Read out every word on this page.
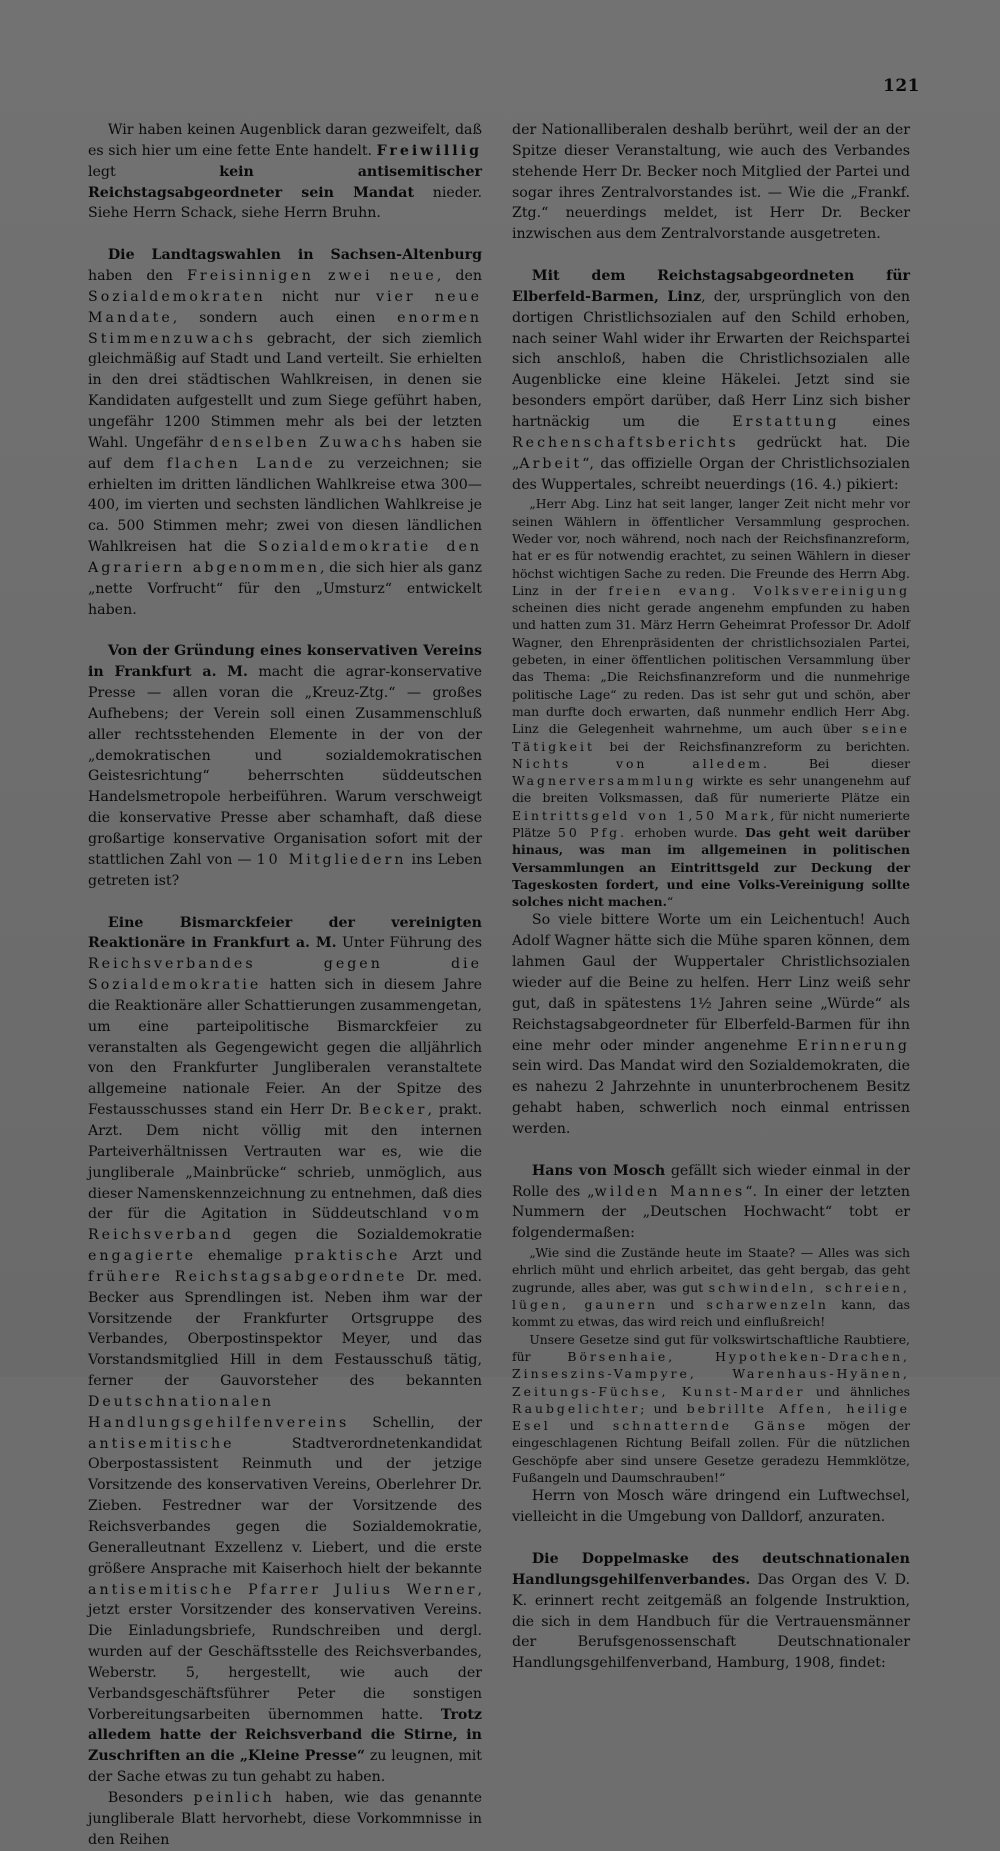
121

Wir haben keinen Augenblick daran gezweifelt, daß es sich hier um eine fette Ente handelt. Freiwillig legt kein antisemitischer Reichstagsabgeordneter sein Mandat nieder. Siehe Herrn Schack, siehe Herrn Bruhn.

Die Landtagswahlen in Sachsen-Altenburg haben den Freisinnigen zwei neue, den Sozialdemokraten nicht nur vier neue Mandate, sondern auch einen enormen Stimmenzuwachs gebracht, der sich ziemlich gleichmäßig auf Stadt und Land verteilt. Sie erhielten in den drei städtischen Wahlkreisen, in denen sie Kandidaten aufgestellt und zum Siege geführt haben, ungefähr 1200 Stimmen mehr als bei der letzten Wahl. Ungefähr denselben Zuwachs haben sie auf dem flachen Lande zu verzeichnen; sie erhielten im dritten ländlichen Wahlkreise etwa 300—400, im vierten und sechsten ländlichen Wahlkreise je ca. 500 Stimmen mehr; zwei von diesen ländlichen Wahlkreisen hat die Sozialdemokratie den Agrariern abgenommen, die sich hier als ganz „nette Vorfrucht“ für den „Umsturz“ entwickelt haben.

Von der Gründung eines konservativen Vereins in Frankfurt a. M. macht die agrar-konservative Presse — allen voran die „Kreuz-Ztg.“ — großes Aufhebens; der Verein soll einen Zusammenschluß aller rechtsstehenden Elemente in der von der „demokratischen und sozialdemokratischen Geistesrichtung“ beherrschten süddeutschen Handelsmetropole herbeiführen. Warum verschweigt die konservative Presse aber schamhaft, daß diese großartige konservative Organisation sofort mit der stattlichen Zahl von — 10 Mitgliedern ins Leben getreten ist?

Eine Bismarckfeier der vereinigten Reaktionäre in Frankfurt a. M. Unter Führung des Reichsverbandes gegen die Sozialdemokratie hatten sich in diesem Jahre die Reaktionäre aller Schattierungen zusammengetan, um eine parteipolitische Bismarckfeier zu veranstalten als Gegengewicht gegen die alljährlich von den Frankfurter Jungliberalen veranstaltete allgemeine nationale Feier. An der Spitze des Festausschusses stand ein Herr Dr. Becker, prakt. Arzt. Dem nicht völlig mit den internen Parteiverhältnissen Vertrauten war es, wie die jungliberale „Mainbrücke“ schrieb, unmöglich, aus dieser Namenskennzeichnung zu entnehmen, daß dies der für die Agitation in Süddeutschland vom Reichsverband gegen die Sozialdemokratie engagierte ehemalige praktische Arzt und frühere Reichstagsabgeordnete Dr. med. Becker aus Sprendlingen ist. Neben ihm war der Vorsitzende der Frankfurter Ortsgruppe des Verbandes, Oberpostinspektor Meyer, und das Vorstandsmitglied Hill in dem Festausschuß tätig, ferner der Gauvorsteher des bekannten Deutschnationalen Handlungsgehilfenvereins Schellin, der antisemitische Stadtverordnetenkandidat Oberpostassistent Reinmuth und der jetzige Vorsitzende des konservativen Vereins, Oberlehrer Dr. Zieben. Festredner war der Vorsitzende des Reichsverbandes gegen die Sozialdemokratie, Generalleutnant Exzellenz v. Liebert, und die erste größere Ansprache mit Kaiserhoch hielt der bekannte antisemitische Pfarrer Julius Werner, jetzt erster Vorsitzender des konservativen Vereins. Die Einladungsbriefe, Rundschreiben und dergl. wurden auf der Geschäftsstelle des Reichsverbandes, Weberstr. 5, hergestellt, wie auch der Verbandsgeschäftsführer Peter die sonstigen Vorbereitungsarbeiten übernommen hatte. Trotz alledem hatte der Reichsverband die Stirne, in Zuschriften an die „Kleine Presse“ zu leugnen, mit der Sache etwas zu tun gehabt zu haben.

Besonders peinlich haben, wie das genannte jungliberale Blatt hervorhebt, diese Vorkommnisse in den Reihen

der Nationalliberalen deshalb berührt, weil der an der Spitze dieser Veranstaltung, wie auch des Verbandes stehende Herr Dr. Becker noch Mitglied der Partei und sogar ihres Zentralvorstandes ist. — Wie die „Frankf. Ztg.“ neuerdings meldet, ist Herr Dr. Becker inzwischen aus dem Zentralvorstande ausgetreten.

Mit dem Reichstagsabgeordneten für Elberfeld-Barmen, Linz, der, ursprünglich von den dortigen Christlichsozialen auf den Schild erhoben, nach seiner Wahl wider ihr Erwarten der Reichspartei sich anschloß, haben die Christlichsozialen alle Augenblicke eine kleine Häkelei. Jetzt sind sie besonders empört darüber, daß Herr Linz sich bisher hartnäckig um die Erstattung eines Rechenschaftsberichts gedrückt hat. Die „Arbeit“, das offizielle Organ der Christlichsozialen des Wuppertales, schreibt neuerdings (16. 4.) pikiert:

„Herr Abg. Linz hat seit langer, langer Zeit nicht mehr vor seinen Wählern in öffentlicher Versammlung gesprochen. Weder vor, noch während, noch nach der Reichsfinanzreform, hat er es für notwendig erachtet, zu seinen Wählern in dieser höchst wichtigen Sache zu reden. Die Freunde des Herrn Abg. Linz in der freien evang. Volksvereinigung scheinen dies nicht gerade angenehm empfunden zu haben und hatten zum 31. März Herrn Geheimrat Professor Dr. Adolf Wagner, den Ehrenpräsidenten der christlichsozialen Partei, gebeten, in einer öffentlichen politischen Versammlung über das Thema: „Die Reichsfinanzreform und die nunmehrige politische Lage“ zu reden. Das ist sehr gut und schön, aber man durfte doch erwarten, daß nunmehr endlich Herr Abg. Linz die Gelegenheit wahrnehme, um auch über seine Tätigkeit bei der Reichsfinanzreform zu berichten. Nichts von alledem. Bei dieser Wagnerversammlung wirkte es sehr unangenehm auf die breiten Volksmassen, daß für numerierte Plätze ein Eintrittsgeld von 1,50 Mark, für nicht numerierte Plätze 50 Pfg. erhoben wurde. Das geht weit darüber hinaus, was man im allgemeinen in politischen Versammlungen an Eintrittsgeld zur Deckung der Tageskosten fordert, und eine Volks-Vereinigung sollte solches nicht machen.“

So viele bittere Worte um ein Leichentuch! Auch Adolf Wagner hätte sich die Mühe sparen können, dem lahmen Gaul der Wuppertaler Christlichsozialen wieder auf die Beine zu helfen. Herr Linz weiß sehr gut, daß in spätestens 1½ Jahren seine „Würde“ als Reichstagsabgeordneter für Elberfeld-Barmen für ihn eine mehr oder minder angenehme Erinnerung sein wird. Das Mandat wird den Sozialdemokraten, die es nahezu 2 Jahrzehnte in ununterbrochenem Besitz gehabt haben, schwerlich noch einmal entrissen werden.

Hans von Mosch gefällt sich wieder einmal in der Rolle des „wilden Mannes“. In einer der letzten Nummern der „Deutschen Hochwacht“ tobt er folgendermaßen:

„Wie sind die Zustände heute im Staate? — Alles was sich ehrlich müht und ehrlich arbeitet, das geht bergab, das geht zugrunde, alles aber, was gut schwindeln, schreien, lügen, gaunern und scharwenzeln kann, das kommt zu etwas, das wird reich und einflußreich!

Unsere Gesetze sind gut für volkswirtschaftliche Raubtiere, für Börsenhaie, Hypotheken-Drachen, Zinseszins-Vampyre, Warenhaus-Hyänen, Zeitungs-Füchse, Kunst-Marder und ähnliches Raubgelichter; und bebrillte Affen, heilige Esel und schnatternde Gänse mögen der eingeschlagenen Richtung Beifall zollen. Für die nützlichen Geschöpfe aber sind unsere Gesetze geradezu Hemmklötze, Fußangeln und Daumschrauben!“

Herrn von Mosch wäre dringend ein Luftwechsel, vielleicht in die Umgebung von Dalldorf, anzuraten.

Die Doppelmaske des deutschnationalen Handlungsgehilfenverbandes. Das Organ des V. D. K. erinnert recht zeitgemäß an folgende Instruktion, die sich in dem Handbuch für die Vertrauensmänner der Berufsgenossenschaft Deutschnationaler Handlungsgehilfenverband, Hamburg, 1908, findet:
